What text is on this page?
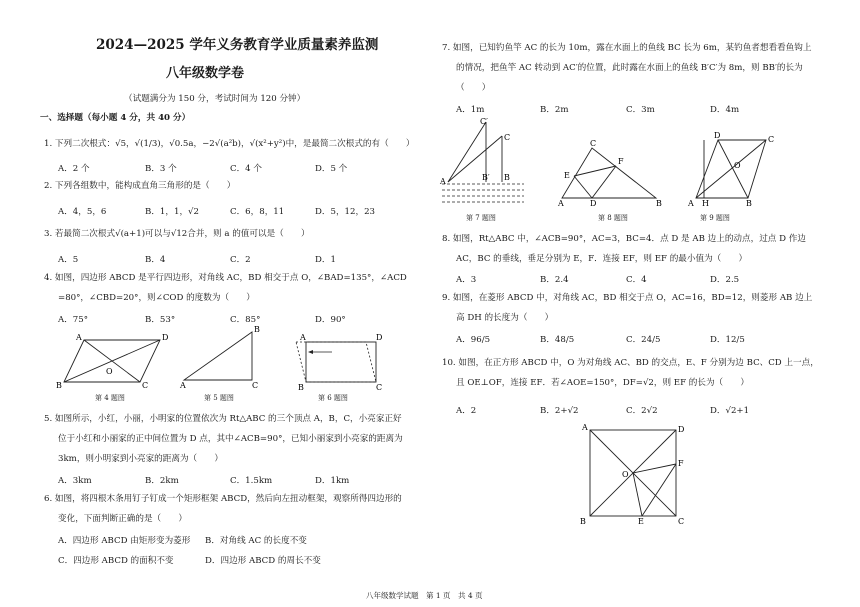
2024—2025 学年义务教育学业质量素养监测
八年级数学卷
（试题满分为 150 分，考试时间为 120 分钟）
一、选择题（每小题 4 分，共 40 分）
1. 下列二次根式：√5，√(1/3)，√0.5a，−2√(a²b)，√(x²+y²)中，是最简二次根式的有（　　）
A．2 个	B．3 个	C．4 个	D．5 个
2. 下列各组数中，能构成直角三角形的是（　　）
A．4，5，6	B．1，1，√2	C．6，8，11	D．5，12，23
3. 若最简二次根式√(a+1)可以与√12合并，则 a 的值可以是（　　）
A．5	B．4	C．2	D．1
4. 如图，四边形 ABCD 是平行四边形，对角线 AC，BD 相交于点 O，∠BAD=135°，∠ACD
=80°，∠CBD=20°，则∠COD 的度数为（　　）
A．75°	B．53°	C．85°	D．90°
A	D
O
B	C
第 4 题图
B
A	C
第 5 题图
A	D
B	C
第 6 题图
5. 如图所示，小红，小丽，小明家的位置依次为 Rt△ABC 的三个顶点 A，B，C，小亮家正好
位于小红和小丽家的正中间位置为 D 点，其中∠ACB=90°，已知小丽家到小亮家的距离为
3km，则小明家到小亮家的距离为（　　）
A．3km	B．2km	C．1.5km	D．1km
6. 如图，将四根木条用钉子钉成一个矩形框架 ABCD，然后向左扭动框架，观察所得四边形的
变化，下面判断正确的是（　　）
A．四边形 ABCD 由矩形变为菱形 B．对角线 AC 的长度不变
C．四边形 ABCD 的面积不变	D．四边形 ABCD 的周长不变
7. 如图，已知钓鱼竿 AC 的长为 10m，露在水面上的鱼线 BC 长为 6m，某钓鱼者想看看鱼钩上
的情况，把鱼竿 AC 转动到 AC′的位置，此时露在水面上的鱼线 B′C′为 8m，则 BB′的长为
（　　）
A．1m	B．2m	C．3m	D．4m
C′
C
A	B′ B
第 7 题图
C
F
E
A	D	B
第 8 题图
D
O
A H	B
C
第 9 题图
8. 如图，Rt△ABC 中，∠ACB=90°，AC=3，BC=4．点 D 是 AB 边上的动点，过点 D 作边
AC，BC 的垂线，垂足分别为 E，F．连接 EF，则 EF 的最小值为（　　）
A．3	B．2.4	C．4	D．2.5
9. 如图，在菱形 ABCD 中，对角线 AC，BD 相交于点 O，AC=16，BD=12，则菱形 AB 边上
高 DH 的长度为（　　）
A．96/5	B．48/5	C．24/5	D．12/5
10. 如图，在正方形 ABCD 中，O 为对角线 AC、BD 的交点，E、F 分别为边 BC、CD 上一点，
且 OE⊥OF，连接 EF．若∠AOE=150°，DF=√2，则 EF 的长为（　　）
A．2	B．2+√2	C．2√2	D．√2+1
A	D
O
F
B	E	C
八年级数学试题　第 1 页　共 4 页
